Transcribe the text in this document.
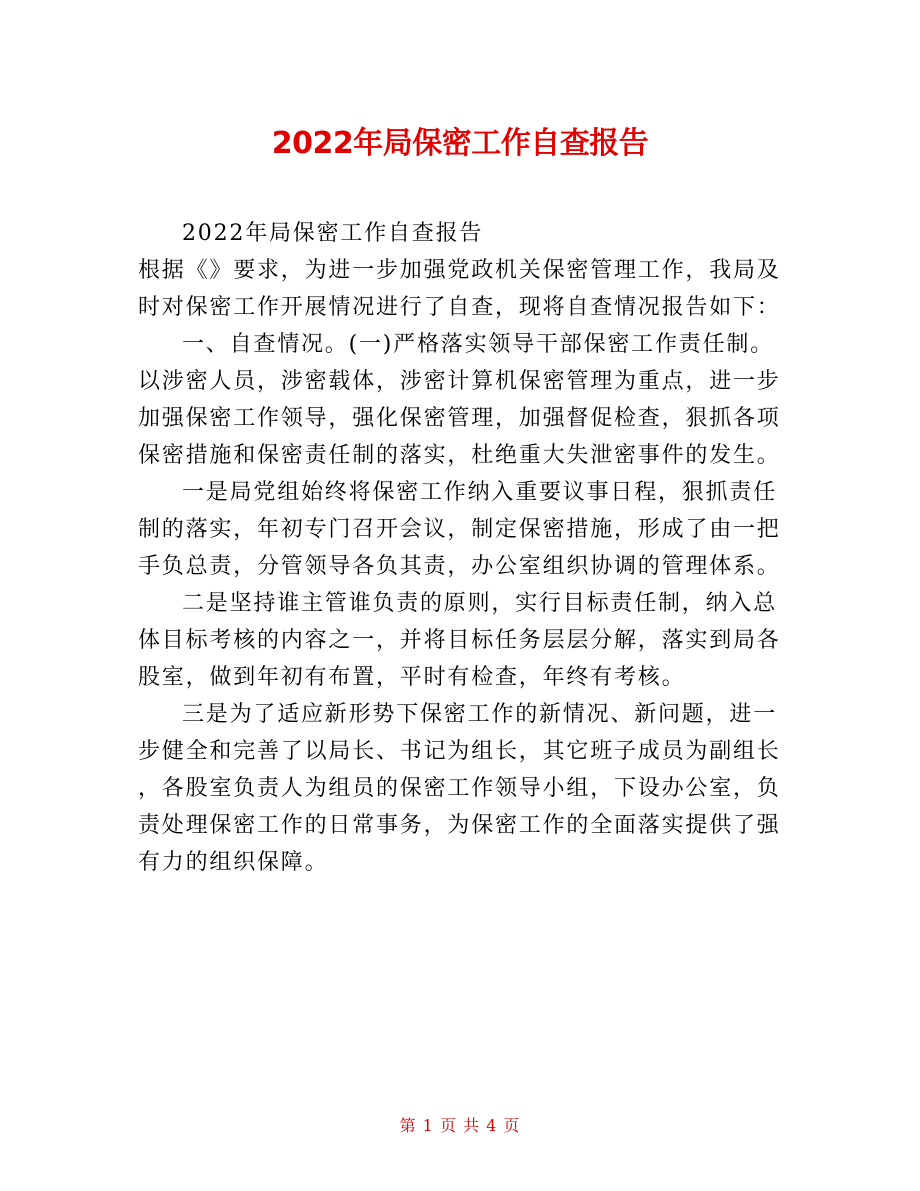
2022年局保密工作自查报告
2022年局保密工作自查报告
根据《》要求，为进一步加强党政机关保密管理工作，我局及
时对保密工作开展情况进行了自查，现将自查情况报告如下：
一、自查情况。(一)严格落实领导干部保密工作责任制。
以涉密人员，涉密载体，涉密计算机保密管理为重点，进一步
加强保密工作领导，强化保密管理，加强督促检查，狠抓各项
保密措施和保密责任制的落实，杜绝重大失泄密事件的发生。
一是局党组始终将保密工作纳入重要议事日程，狠抓责任
制的落实，年初专门召开会议，制定保密措施，形成了由一把
手负总责，分管领导各负其责，办公室组织协调的管理体系。
二是坚持谁主管谁负责的原则，实行目标责任制，纳入总
体目标考核的内容之一，并将目标任务层层分解，落实到局各
股室，做到年初有布置，平时有检查，年终有考核。
三是为了适应新形势下保密工作的新情况、新问题，进一
步健全和完善了以局长、书记为组长，其它班子成员为副组长
，各股室负责人为组员的保密工作领导小组，下设办公室，负
责处理保密工作的日常事务，为保密工作的全面落实提供了强
有力的组织保障。
第 1 页 共 4 页
